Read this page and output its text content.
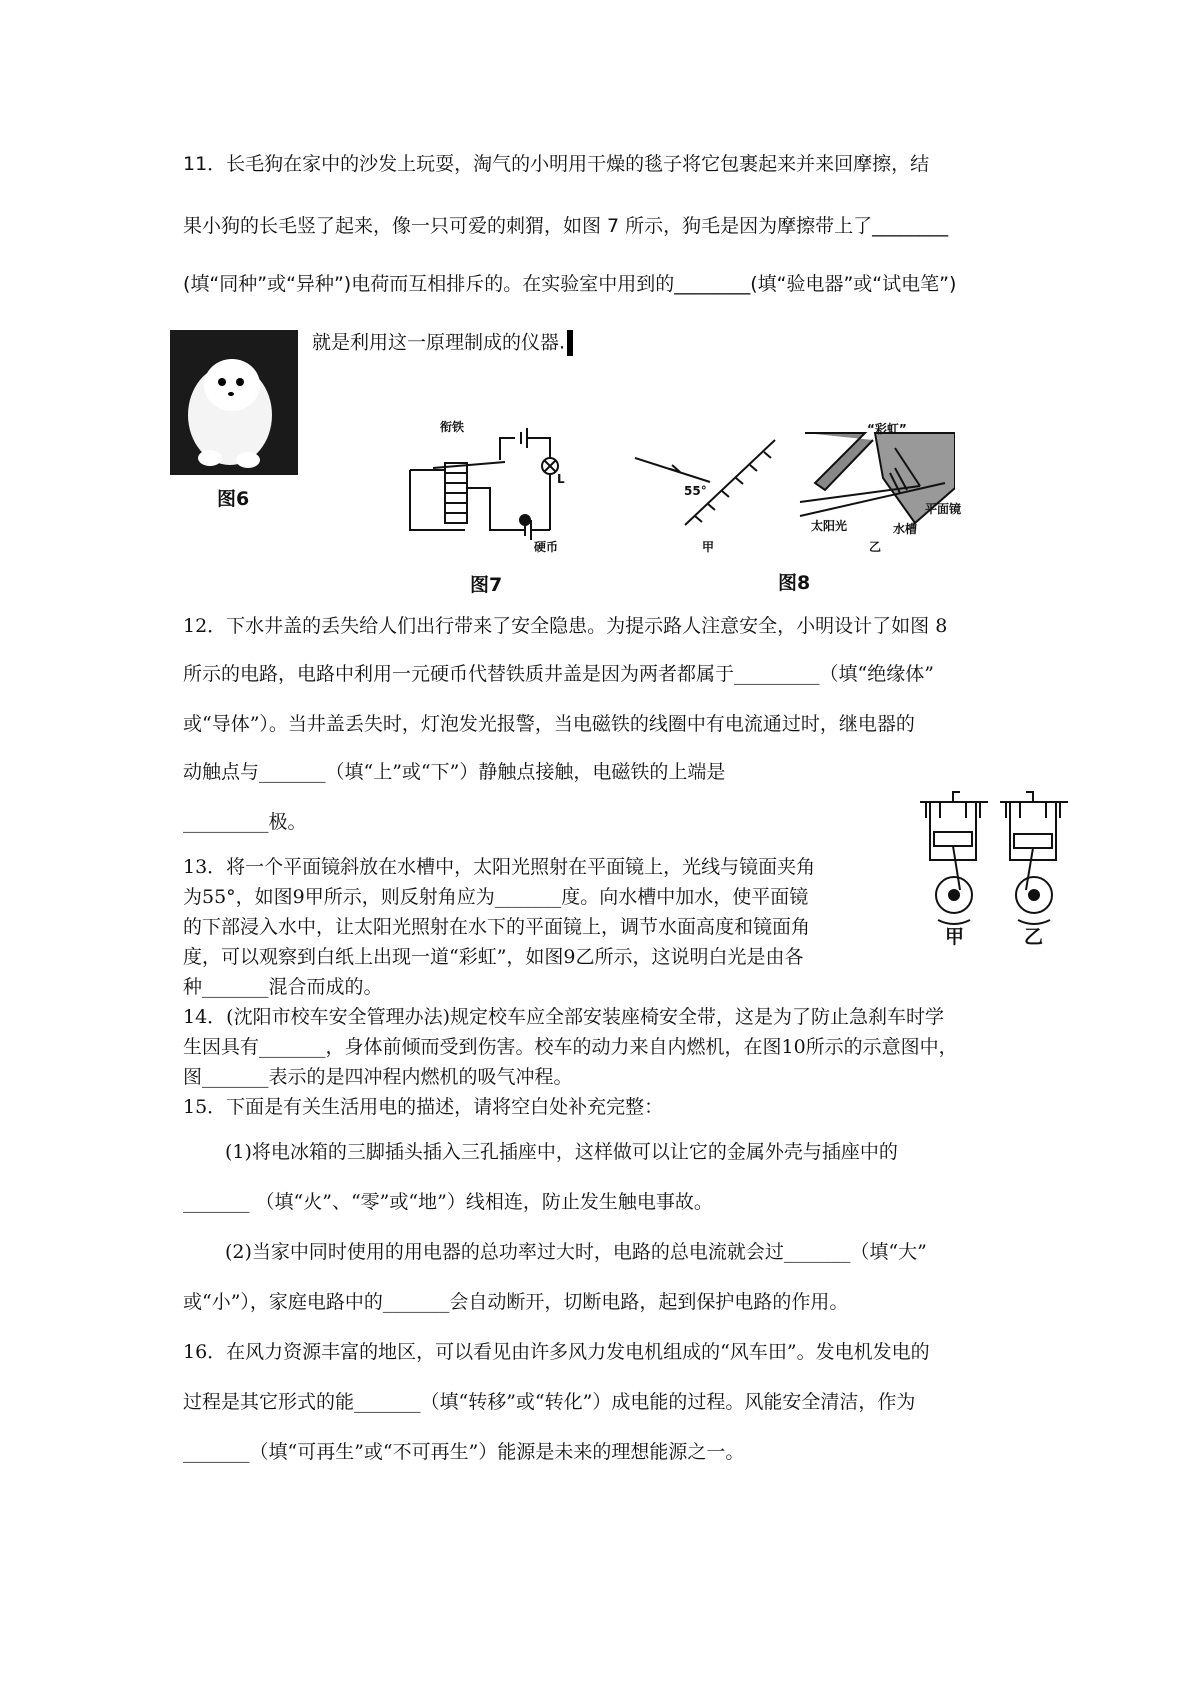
11．长毛狗在家中的沙发上玩耍，淘气的小明用干燥的毯子将它包裹起来并来回摩擦，结
果小狗的长毛竖了起来，像一只可爱的刺猬，如图 7 所示，狗毛是因为摩擦带上了________
(填“同种”或“异种”)电荷而互相排斥的。在实验室中用到的________(填“验电器”或“试电笔”)
就是利用这一原理制成的仪器.
图6
衔铁
L
硬币
图7
55°
甲
“彩虹”
平面镜
太阳光	水槽
乙
图8
12．下水井盖的丢失给人们出行带来了安全隐患。为提示路人注意安全，小明设计了如图 8
所示的电路，电路中利用一元硬币代替铁质井盖是因为两者都属于_________（填“绝缘体”
或“导体”）。当井盖丢失时，灯泡发光报警，当电磁铁的线圈中有电流通过时，继电器的
动触点与_______（填“上”或“下”）静触点接触，电磁铁的上端是
_________极。
甲	乙
13．将一个平面镜斜放在水槽中，太阳光照射在平面镜上，光线与镜面夹角
为55°，如图9甲所示，则反射角应为_______度。向水槽中加水，使平面镜
的下部浸入水中，让太阳光照射在水下的平面镜上，调节水面高度和镜面角
度，可以观察到白纸上出现一道“彩虹”，如图9乙所示，这说明白光是由各
种_______混合而成的。
14．(沈阳市校车安全管理办法)规定校车应全部安装座椅安全带，这是为了防止急刹车时学
生因具有_______，身体前倾而受到伤害。校车的动力来自内燃机，在图10所示的示意图中，
图_______表示的是四冲程内燃机的吸气冲程。
15．下面是有关生活用电的描述，请将空白处补充完整：
(1)将电冰箱的三脚插头插入三孔插座中，这样做可以让它的金属外壳与插座中的
_______ （填“火”、“零”或“地”）线相连，防止发生触电事故。
(2)当家中同时使用的用电器的总功率过大时，电路的总电流就会过_______（填“大”
或“小”），家庭电路中的_______会自动断开，切断电路，起到保护电路的作用。
16．在风力资源丰富的地区，可以看见由许多风力发电机组成的“风车田”。发电机发电的
过程是其它形式的能_______（填“转移”或“转化”）成电能的过程。风能安全清洁，作为
_______（填“可再生”或“不可再生”）能源是未来的理想能源之一。
